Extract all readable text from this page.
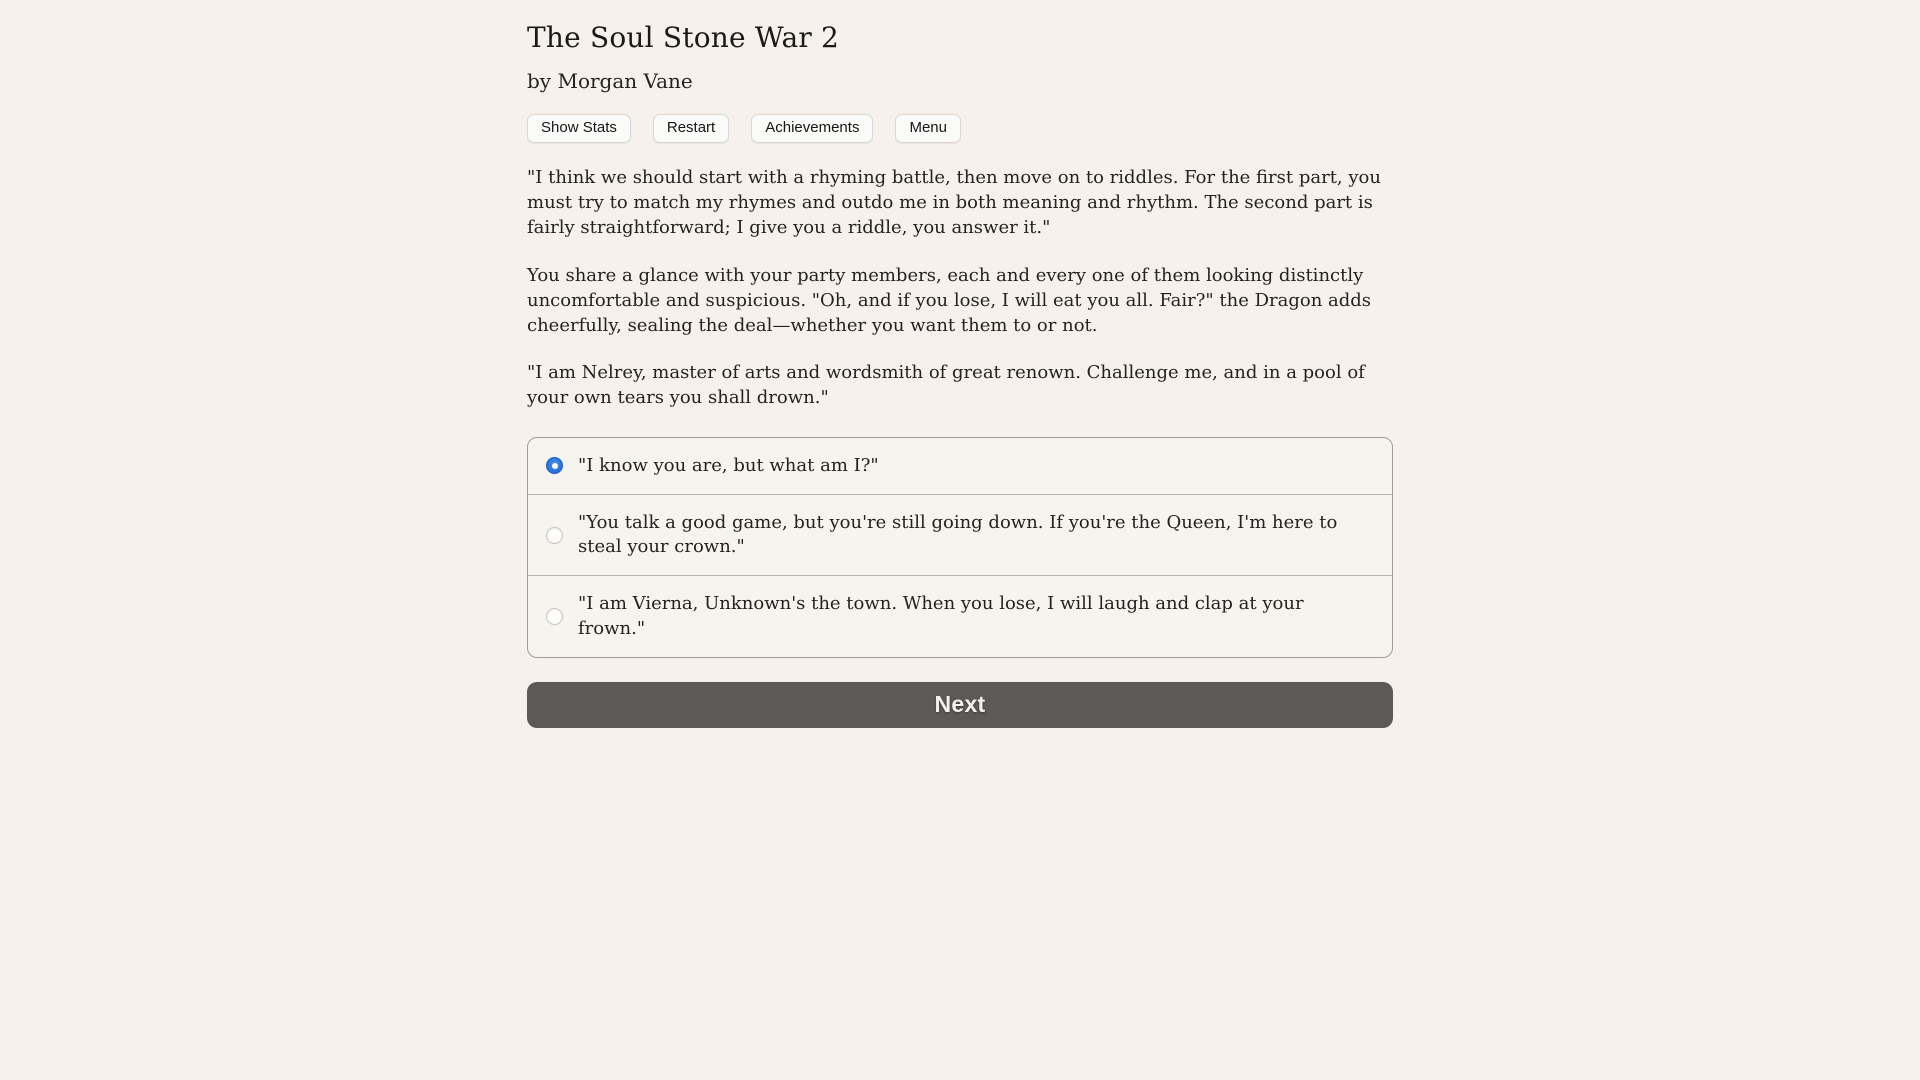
The Soul Stone War 2
by Morgan Vane
Show Stats	Restart	Achievements	Menu

"I think we should start with a rhyming battle, then move on to riddles. For the first part, you must try to match my rhymes and outdo me in both meaning and rhythm. The second part is fairly straightforward; I give you a riddle, you answer it."

You share a glance with your party members, each and every one of them looking distinctly uncomfortable and suspicious. "Oh, and if you lose, I will eat you all. Fair?" the Dragon adds cheerfully, sealing the deal—whether you want them to or not.

"I am Nelrey, master of arts and wordsmith of great renown. Challenge me, and in a pool of your own tears you shall drown."

"I know you are, but what am I?"
"You talk a good game, but you're still going down. If you're the Queen, I'm here to steal your crown."
"I am Vierna, Unknown's the town. When you lose, I will laugh and clap at your frown."
Next
